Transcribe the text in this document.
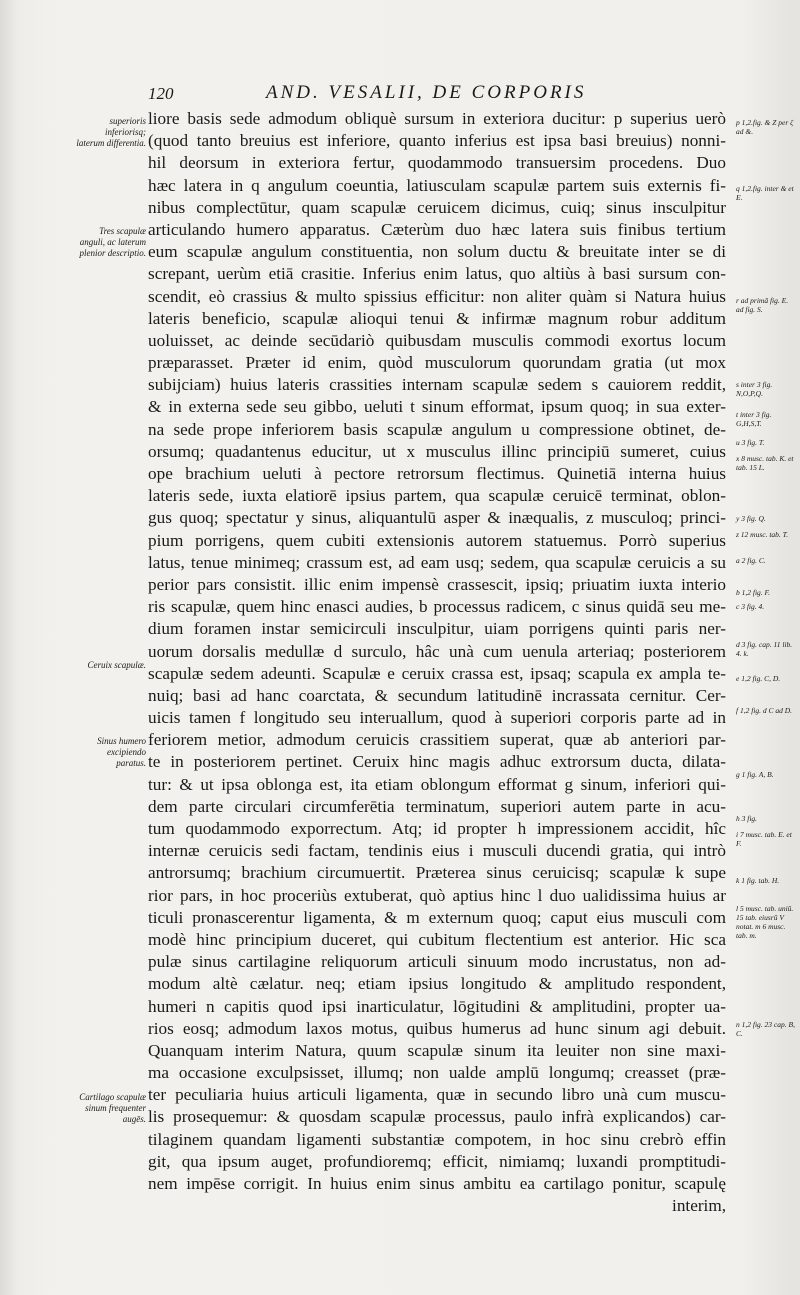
120	AND. VESALII, DE CORPORIS
superioris inferiorisq; laterum differentia.
Tres scapulæ anguli, ac laterum plenior descriptio.
Ceruix scapulæ.
Sinus humero excipiendo paratus.
Cartilago scapulæ sinum frequenter augēs.
p 1,2.fig. & Z per ζ ad &.
q 1,2.fig. inter & et E.
r ad primā fig. E. ad fig. S.
s inter 3 fig. N,O,P,Q.
t inter 3 fig. G,H,S,T.
u 3 fig. T.
x 8 musc. tab. K. et tab. 15 L.
y 3 fig. Q.
z 12 musc. tab. T.
a 2 fig. C.
b 1,2 fig. F.
c 3 fig. 4.
d 3 fig. cap. 11 lib. 4. k.
e 1,2 fig. C, D.
f 1,2 fig. d C ad D.
g 1 fig. A, B.
h 3 fig.
i 7 musc. tab. E. et F.
k 1 fig. tab. H.
l 5 musc. tab. uniū. 15 tab. eiusrū V notat. m 6 musc. tab. m.
n 1,2 fig. 23 cap. B, C.
liore basis sede admodum obliquè sursum in exteriora ducitur: p superius uerò
(quod tanto breuius est inferiore, quanto inferius est ipsa basi breuius) nonni-
hil deorsum in exteriora fertur, quodammodo transuersim procedens. Duo
hæc latera in q angulum coeuntia, latiusculam scapulæ partem suis externis fi-
nibus complectūtur, quam scapulæ ceruicem dicimus, cuiq; sinus insculpitur
articulando humero apparatus. Cæterùm duo hæc latera suis finibus tertium
eum scapulæ angulum constituentia, non solum ductu & breuitate inter se di
screpant, uerùm etiā crasitie. Inferius enim latus, quo altiùs à basi sursum con-
scendit, eò crassius & multo spissius efficitur: non aliter quàm si Natura huius
lateris beneficio, scapulæ alioqui tenui & infirmæ magnum robur additum
uoluisset, ac deinde secūdariò quibusdam musculis commodi exortus locum
præparasset. Præter id enim, quòd musculorum quorundam gratia (ut mox
subijciam) huius lateris crassities internam scapulæ sedem s cauiorem reddit,
& in externa sede seu gibbo, ueluti t sinum efformat, ipsum quoq; in sua exter-
na sede prope inferiorem basis scapulæ angulum u compressione obtinet, de-
orsumq; quadantenus educitur, ut x musculus illinc principiū sumeret, cuius
ope brachium ueluti à pectore retrorsum flectimus. Quinetiā interna huius
lateris sede, iuxta elatiorē ipsius partem, qua scapulæ ceruicē terminat, oblon-
gus quoq; spectatur y sinus, aliquantulū asper & inæqualis, z musculoq; princi-
pium porrigens, quem cubiti extensionis autorem statuemus. Porrò superius
latus, tenue minimeq; crassum est, ad eam usq; sedem, qua scapulæ ceruicis a su
perior pars consistit. illic enim impensè crassescit, ipsiq; priuatim iuxta interio
ris scapulæ, quem hinc enasci audies, b processus radicem, c sinus quidā seu me-
dium foramen instar semicirculi insculpitur, uiam porrigens quinti paris ner-
uorum dorsalis medullæ d surculo, hâc unà cum uenula arteriaq; posteriorem
scapulæ sedem adeunti. Scapulæ e ceruix crassa est, ipsaq; scapula ex ampla te-
nuiq; basi ad hanc coarctata, & secundum latitudinē incrassata cernitur. Cer-
uicis tamen f longitudo seu interuallum, quod à superiori corporis parte ad in
feriorem metior, admodum ceruicis crassitiem superat, quæ ab anteriori par-
te in posteriorem pertinet. Ceruix hinc magis adhuc extrorsum ducta, dilata-
tur: & ut ipsa oblonga est, ita etiam oblongum efformat g sinum, inferiori qui-
dem parte circulari circumferētia terminatum, superiori autem parte in acu-
tum quodammodo exporrectum. Atq; id propter h impressionem accidit, hîc
internæ ceruicis sedi factam, tendinis eius i musculi ducendi gratia, qui intrò
antrorsumq; brachium circumuertit. Præterea sinus ceruicisq; scapulæ k supe
rior pars, in hoc proceriùs extuberat, quò aptius hinc l duo ualidissima huius ar
ticuli pronascerentur ligamenta, & m externum quoq; caput eius musculi com
modè hinc principium duceret, qui cubitum flectentium est anterior. Hic sca
pulæ sinus cartilagine reliquorum articuli sinuum modo incrustatus, non ad-
modum altè cælatur. neq; etiam ipsius longitudo & amplitudo respondent,
humeri n capitis quod ipsi inarticulatur, lōgitudini & amplitudini, propter ua-
rios eosq; admodum laxos motus, quibus humerus ad hunc sinum agi debuit.
Quanquam interim Natura, quum scapulæ sinum ita leuiter non sine maxi-
ma occasione exculpsisset, illumq; non ualde amplū longumq; creasset (præ-
ter peculiaria huius articuli ligamenta, quæ in secundo libro unà cum muscu-
lis prosequemur: & quosdam scapulæ processus, paulo infrà explicandos) car-
tilaginem quandam ligamenti substantiæ compotem, in hoc sinu crebrò effin
git, qua ipsum auget, profundioremq; efficit, nimiamq; luxandi promptitudi-
nem impēse corrigit. In huius enim sinus ambitu ea cartilago ponitur, scapulę
interim,
